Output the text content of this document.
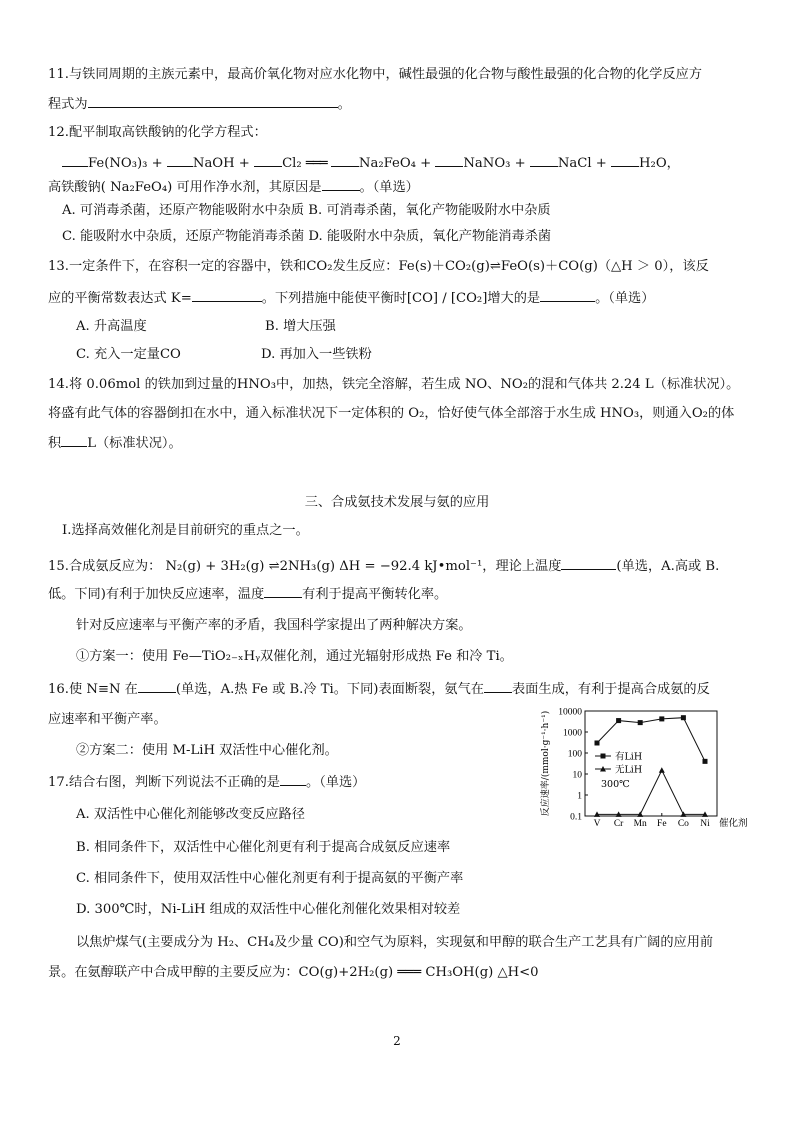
11.与铁同周期的主族元素中，最高价氧化物对应水化物中，碱性最强的化合物与酸性最强的化合物的化学反应方
程式为	。
12.配平制取高铁酸钠的化学方程式：
Fe(NO₃)₃ + NaOH + Cl₂ ═══ Na₂FeO₄ + NaNO₃ + NaCl + H₂O，
高铁酸钠( Na₂FeO₄) 可用作净水剂，其原因是	。（单选）
A. 可消毒杀菌，还原产物能吸附水中杂质 B. 可消毒杀菌，氧化产物能吸附水中杂质
C. 能吸附水中杂质，还原产物能消毒杀菌 D. 能吸附水中杂质，氧化产物能消毒杀菌
13.一定条件下，在容积一定的容器中，铁和CO₂发生反应：Fe(s)＋CO₂(g)⇌FeO(s)＋CO(g)（△H ＞ 0），该反
应的平衡常数表达式 K=	。下列措施中能使平衡时[CO] / [CO₂]增大的是	。（单选）
A. 升高温度	B. 增大压强
C. 充入一定量CO	D. 再加入一些铁粉
14.将 0.06mol 的铁加到过量的HNO₃中，加热，铁完全溶解，若生成 NO、NO₂的混和气体共 2.24 L（标准状况）。
将盛有此气体的容器倒扣在水中，通入标准状况下一定体积的 O₂，恰好使气体全部溶于水生成 HNO₃，则通入O₂的体
积 L（标准状况）。
三、合成氨技术发展与氨的应用
Ⅰ.选择高效催化剂是目前研究的重点之一。
15.合成氨反应为： N₂(g) + 3H₂(g) ⇌2NH₃(g) ΔH = −92.4 kJ•mol⁻¹，理论上温度	(单选，A.高或 B.
低。下同)有利于加快反应速率，温度	有利于提高平衡转化率。
针对反应速率与平衡产率的矛盾，我国科学家提出了两种解决方案。
①方案一：使用 Fe—TiO₂₋ₓHᵧ双催化剂，通过光辐射形成热 Fe 和冷 Ti。
16.使 N≡N 在	(单选，A.热 Fe 或 B.冷 Ti。下同)表面断裂，氨气在 表面生成，有利于提高合成氨的反
应速率和平衡产率。
②方案二：使用 M-LiH 双活性中心催化剂。
17.结合右图，判断下列说法不正确的是 。（单选）
A. 双活性中心催化剂能够改变反应路径
B. 相同条件下，双活性中心催化剂更有利于提高合成氨反应速率
C. 相同条件下，使用双活性中心催化剂更有利于提高氨的平衡产率
D. 300℃时，Ni-LiH 组成的双活性中心催化剂催化效果相对较差
以焦炉煤气(主要成分为 H₂、CH₄及少量 CO)和空气为原料，实现氨和甲醇的联合生产工艺具有广阔的应用前
景。在氨醇联产中合成甲醇的主要反应为：CO(g)+2H₂(g) ═══ CH₃OH(g) △H<0
2
10000
1000
100
10
1
0.1
反应速率/(mmol·g⁻¹·h⁻¹)
V Cr Mn Fe Co Ni 催化剂
有LiH
无LiH
300℃
